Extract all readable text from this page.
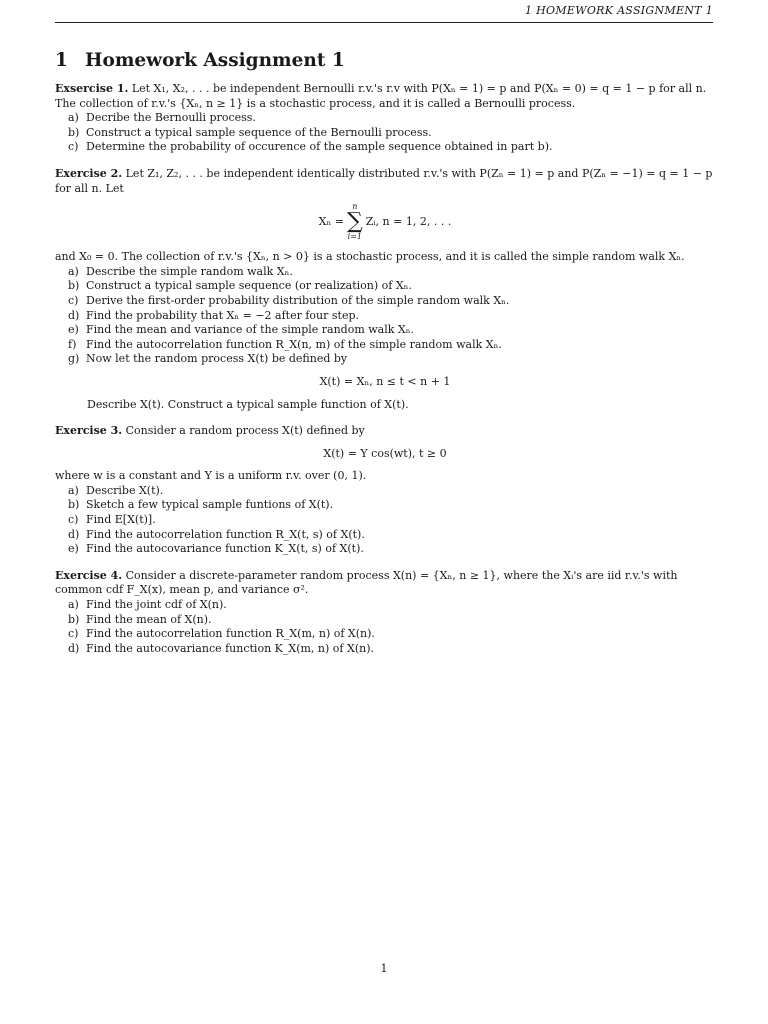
1 HOMEWORK ASSIGNMENT 1
1 Homework Assignment 1
Exsercise 1. Let X₁, X₂, . . . be independent Bernoulli r.v.'s r.v with P(Xₙ = 1) = p and P(Xₙ = 0) = q = 1 − p for all n. The collection of r.v.'s {Xₙ, n ≥ 1} is a stochastic process, and it is called a Bernoulli process.
a) Decribe the Bernoulli process.
b) Construct a typical sample sequence of the Bernoulli process.
c) Determine the probability of occurence of the sample sequence obtained in part b).
Exercise 2. Let Z₁, Z₂, . . . be independent identically distributed r.v.'s with P(Zₙ = 1) = p and P(Zₙ = −1) = q = 1 − p for all n. Let
Xₙ =
n
∑
i=1
Zᵢ, n = 1, 2, . . .
and X₀ = 0. The collection of r.v.'s {Xₙ, n > 0} is a stochastic process, and it is called the simple random walk Xₙ.
a) Describe the simple random walk Xₙ.
b) Construct a typical sample sequence (or realization) of Xₙ.
c) Derive the first-order probability distribution of the simple random walk Xₙ.
d) Find the probability that Xₙ = −2 after four step.
e) Find the mean and variance of the simple random walk Xₙ.
f) Find the autocorrelation function R_X(n, m) of the simple random walk Xₙ.
g) Now let the random process X(t) be defined by
X(t) = Xₙ, n ≤ t < n + 1
Describe X(t). Construct a typical sample function of X(t).
Exercise 3. Consider a random process X(t) defined by
X(t) = Y cos(wt), t ≥ 0
where w is a constant and Y is a uniform r.v. over (0, 1).
a) Describe X(t).
b) Sketch a few typical sample funtions of X(t).
c) Find E[X(t)].
d) Find the autocorrelation function R_X(t, s) of X(t).
e) Find the autocovariance function K_X(t, s) of X(t).
Exercise 4. Consider a discrete-parameter random process X(n) = {Xₙ, n ≥ 1}, where the Xᵢ's are iid r.v.'s with common cdf F_X(x), mean p, and variance σ².
a) Find the joint cdf of X(n).
b) Find the mean of X(n).
c) Find the autocorrelation function R_X(m, n) of X(n).
d) Find the autocovariance function K_X(m, n) of X(n).
1
